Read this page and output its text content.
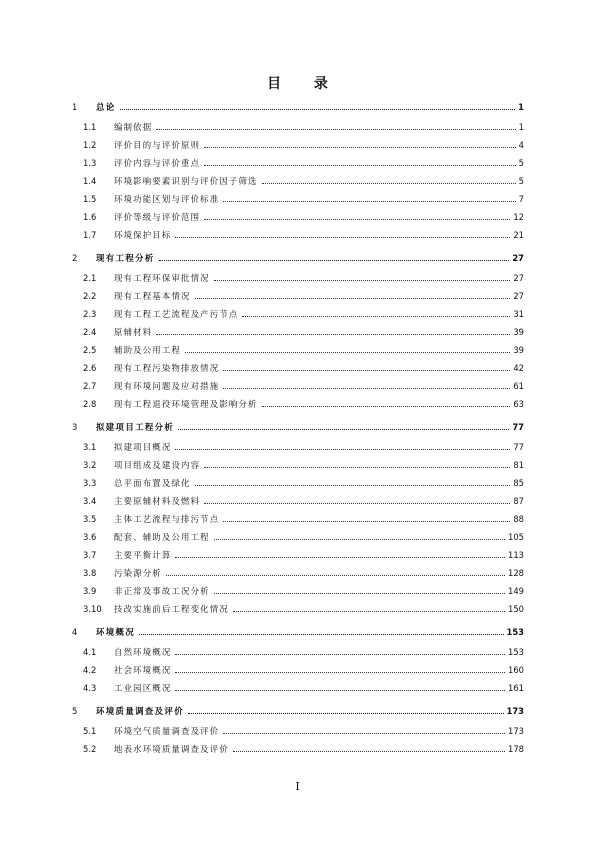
目 录
1	总论	1
1.1	编制依据	1
1.2	评价目的与评价原则	4
1.3	评价内容与评价重点	5
1.4	环境影响要素识别与评价因子筛选	5
1.5	环境功能区划与评价标准	7
1.6	评价等级与评价范围	12
1.7	环境保护目标	21
2	现有工程分析	27
2.1	现有工程环保审批情况	27
2.2	现有工程基本情况	27
2.3	现有工程工艺流程及产污节点	31
2.4	原辅材料	39
2.5	辅助及公用工程	39
2.6	现有工程污染物排放情况	42
2.7	现有环境问题及应对措施	61
2.8	现有工程退役环境管理及影响分析	63
3	拟建项目工程分析	77
3.1	拟建项目概况	77
3.2	项目组成及建设内容	81
3.3	总平面布置及绿化	85
3.4	主要原辅材料及燃料	87
3.5	主体工艺流程与排污节点	88
3.6	配套、辅助及公用工程	105
3.7	主要平衡计算	113
3.8	污染源分析	128
3.9	非正常及事故工况分析	149
3.10	技改实施前后工程变化情况	150
4	环境概况	153
4.1	自然环境概况	153
4.2	社会环境概况	160
4.3	工业园区概况	161
5	环境质量调查及评价	173
5.1	环境空气质量调查及评价	173
5.2	地表水环境质量调查及评价	178
I
